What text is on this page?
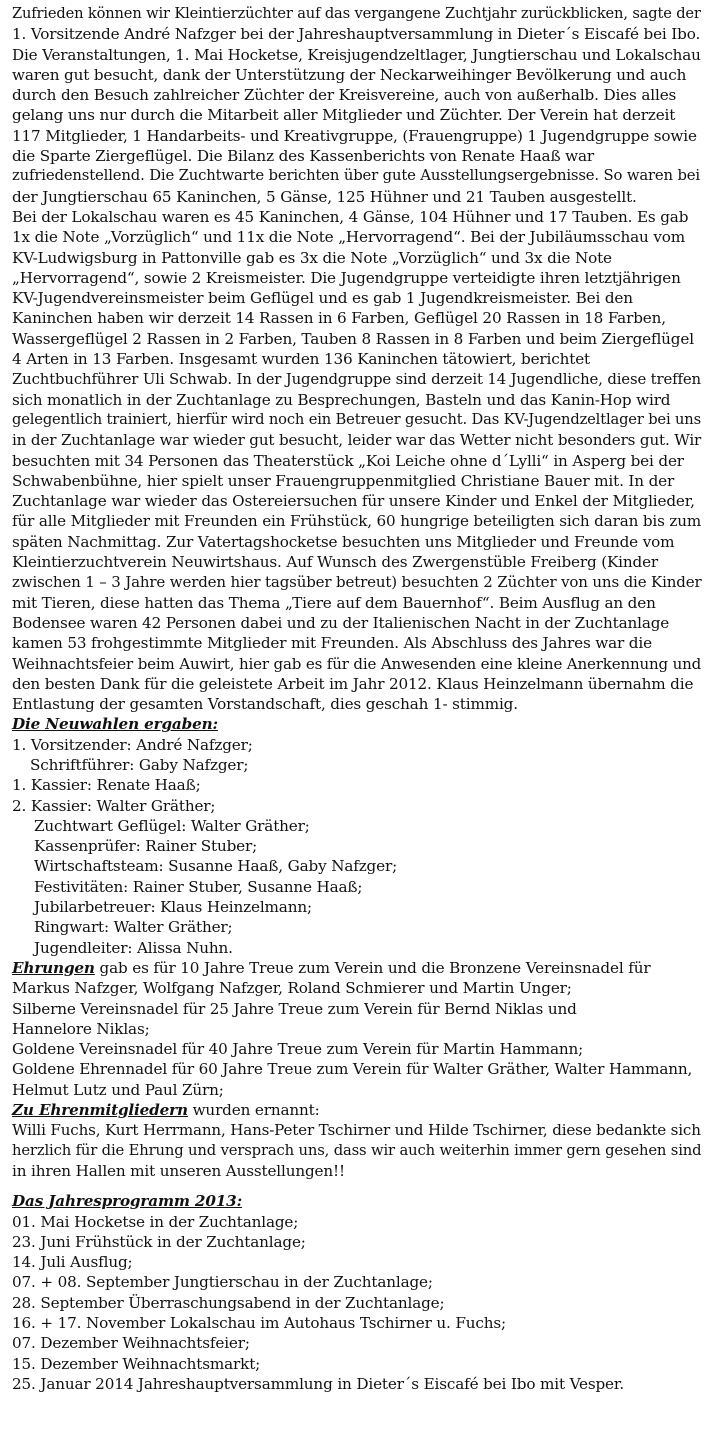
Zufrieden können wir Kleintierzüchter auf das vergangene Zuchtjahr zurückblicken, sagte der
1. Vorsitzende André Nafzger bei der Jahreshauptversammlung in Dieter´s Eiscafé bei Ibo.
Die Veranstaltungen, 1. Mai Hocketse, Kreisjugendzeltlager, Jungtierschau und Lokalschau
waren gut besucht, dank der Unterstützung der Neckarweihinger Bevölkerung und auch
durch den Besuch zahlreicher Züchter der Kreisvereine, auch von außerhalb. Dies alles
gelang uns nur durch die Mitarbeit aller Mitglieder und Züchter. Der Verein hat derzeit
117 Mitglieder, 1 Handarbeits- und Kreativgruppe, (Frauengruppe) 1 Jugendgruppe sowie
die Sparte Ziergeflügel. Die Bilanz des Kassenberichts von Renate Haaß war
zufriedenstellend. Die Zuchtwarte berichten über gute Ausstellungsergebnisse. So waren bei
der Jungtierschau 65 Kaninchen, 5 Gänse, 125 Hühner und 21 Tauben ausgestellt.
Bei der Lokalschau waren es 45 Kaninchen, 4 Gänse, 104 Hühner und 17 Tauben. Es gab
1x die Note „Vorzüglich“ und 11x die Note „Hervorragend“. Bei der Jubiläumsschau vom
KV-Ludwigsburg in Pattonville gab es 3x die Note „Vorzüglich“ und 3x die Note
„Hervorragend“, sowie 2 Kreismeister. Die Jugendgruppe verteidigte ihren letztjährigen
KV-Jugendvereinsmeister beim Geflügel und es gab 1 Jugendkreismeister. Bei den
Kaninchen haben wir derzeit 14 Rassen in 6 Farben, Geflügel 20 Rassen in 18 Farben,
Wassergeflügel 2 Rassen in 2 Farben, Tauben 8 Rassen in 8 Farben und beim Ziergeflügel
4 Arten in 13 Farben. Insgesamt wurden 136 Kaninchen tätowiert, berichtet
Zuchtbuchführer Uli Schwab. In der Jugendgruppe sind derzeit 14 Jugendliche, diese treffen
sich monatlich in der Zuchtanlage zu Besprechungen, Basteln und das Kanin-Hop wird
gelegentlich trainiert, hierfür wird noch ein Betreuer gesucht. Das KV-Jugendzeltlager bei uns
in der Zuchtanlage war wieder gut besucht, leider war das Wetter nicht besonders gut. Wir
besuchten mit 34 Personen das Theaterstück „Koi Leiche ohne d´Lylli“ in Asperg bei der
Schwabenbühne, hier spielt unser Frauengruppenmitglied Christiane Bauer mit. In der
Zuchtanlage war wieder das Ostereiersuchen für unsere Kinder und Enkel der Mitglieder,
für alle Mitglieder mit Freunden ein Frühstück, 60 hungrige beteiligten sich daran bis zum
späten Nachmittag. Zur Vatertagshocketse besuchten uns Mitglieder und Freunde vom
Kleintierzuchtverein Neuwirtshaus. Auf Wunsch des Zwergenstüble Freiberg (Kinder
zwischen 1 – 3 Jahre werden hier tagsüber betreut) besuchten 2 Züchter von uns die Kinder
mit Tieren, diese hatten das Thema „Tiere auf dem Bauernhof“. Beim Ausflug an den
Bodensee waren 42 Personen dabei und zu der Italienischen Nacht in der Zuchtanlage
kamen 53 frohgestimmte Mitglieder mit Freunden. Als Abschluss des Jahres war die
Weihnachtsfeier beim Auwirt, hier gab es für die Anwesenden eine kleine Anerkennung und
den besten Dank für die geleistete Arbeit im Jahr 2012. Klaus Heinzelmann übernahm die
Entlastung der gesamten Vorstandschaft, dies geschah 1- stimmig.
Die Neuwahlen ergaben:
1. Vorsitzender: André Nafzger;
Schriftführer: Gaby Nafzger;
1. Kassier: Renate Haaß;
2. Kassier: Walter Gräther;
Zuchtwart Geflügel: Walter Gräther;
Kassenprüfer: Rainer Stuber;
Wirtschaftsteam: Susanne Haaß, Gaby Nafzger;
Festivitäten: Rainer Stuber, Susanne Haaß;
Jubilarbetreuer: Klaus Heinzelmann;
Ringwart: Walter Gräther;
Jugendleiter: Alissa Nuhn.
Ehrungen gab es für 10 Jahre Treue zum Verein und die Bronzene Vereinsnadel für
Markus Nafzger, Wolfgang Nafzger, Roland Schmierer und Martin Unger;
Silberne Vereinsnadel für 25 Jahre Treue zum Verein für Bernd Niklas und
Hannelore Niklas;
Goldene Vereinsnadel für 40 Jahre Treue zum Verein für Martin Hammann;
Goldene Ehrennadel für 60 Jahre Treue zum Verein für Walter Gräther, Walter Hammann,
Helmut Lutz und Paul Zürn;
Zu Ehrenmitgliedern wurden ernannt:
Willi Fuchs, Kurt Herrmann, Hans-Peter Tschirner und Hilde Tschirner, diese bedankte sich
herzlich für die Ehrung und versprach uns, dass wir auch weiterhin immer gern gesehen sind
in ihren Hallen mit unseren Ausstellungen!!
Das Jahresprogramm 2013:
01. Mai Hocketse in der Zuchtanlage;
23. Juni Frühstück in der Zuchtanlage;
14. Juli Ausflug;
07. + 08. September Jungtierschau in der Zuchtanlage;
28. September Überraschungsabend in der Zuchtanlage;
16. + 17. November Lokalschau im Autohaus Tschirner u. Fuchs;
07. Dezember Weihnachtsfeier;
15. Dezember Weihnachtsmarkt;
25. Januar 2014 Jahreshauptversammlung in Dieter´s Eiscafé bei Ibo mit Vesper.
